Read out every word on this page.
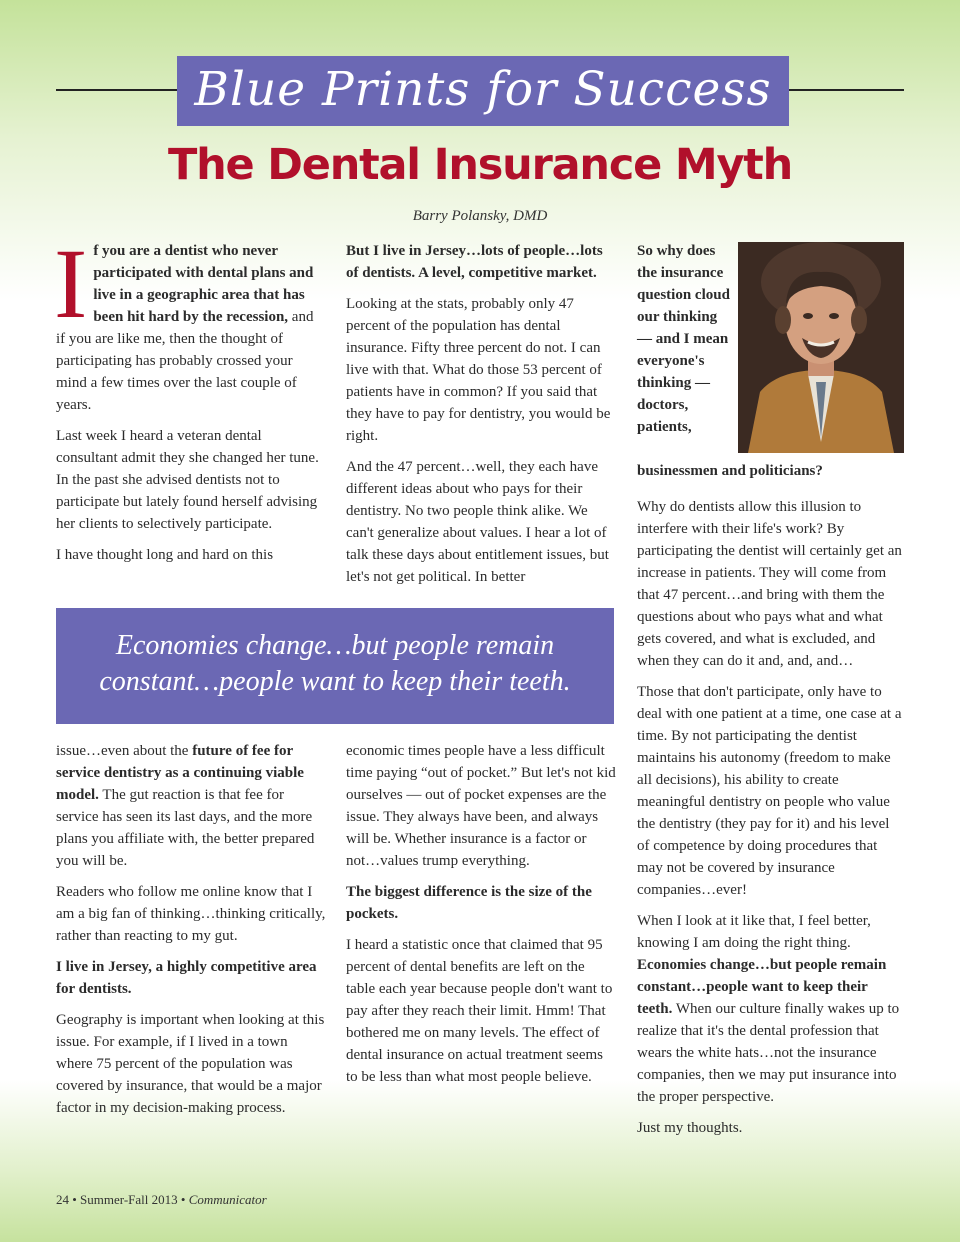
Blue Prints for Success
The Dental Insurance Myth
Barry Polansky, DMD

If you are a dentist who never participated with dental plans and live in a geographic area that has been hit hard by the recession, and if you are like me, then the thought of participating has probably crossed your mind a few times over the last couple of years.

Last week I heard a veteran dental consultant admit they she changed her tune. In the past she advised dentists not to participate but lately found herself advising her clients to selectively participate.

I have thought long and hard on this

But I live in Jersey…lots of people…lots of dentists. A level, competitive market.

Looking at the stats, probably only 47 percent of the population has dental insurance. Fifty three percent do not. I can live with that. What do those 53 percent of patients have in common? If you said that they have to pay for dentistry, you would be right.

And the 47 percent…well, they each have different ideas about who pays for their dentistry. No two people think alike. We can't generalize about values. I hear a lot of talk these days about entitlement issues, but let's not get political. In better

Economies change…but people remain constant…people want to keep their teeth.

issue…even about the future of fee for service dentistry as a continuing viable model. The gut reaction is that fee for service has seen its last days, and the more plans you affiliate with, the better prepared you will be.

Readers who follow me online know that I am a big fan of thinking…thinking critically, rather than reacting to my gut.

I live in Jersey, a highly competitive area for dentists.

Geography is important when looking at this issue. For example, if I lived in a town where 75 percent of the population was covered by insurance, that would be a major factor in my decision-making process.

economic times people have a less difficult time paying “out of pocket.” But let's not kid ourselves — out of pocket expenses are the issue. They always have been, and always will be. Whether insurance is a factor or not…values trump everything.

The biggest difference is the size of the pockets.

I heard a statistic once that claimed that 95 percent of dental benefits are left on the table each year because people don't want to pay after they reach their limit. Hmm! That bothered me on many levels. The effect of dental insurance on actual treatment seems to be less than what most people believe.

So why does the insurance question cloud our thinking — and I mean everyone's thinking — doctors, patients,

businessmen and politicians?

Why do dentists allow this illusion to interfere with their life's work? By participating the dentist will certainly get an increase in patients. They will come from that 47 percent…and bring with them the questions about who pays what and what gets covered, and what is excluded, and when they can do it and, and, and…

Those that don't participate, only have to deal with one patient at a time, one case at a time. By not participating the dentist maintains his autonomy (freedom to make all decisions), his ability to create meaningful dentistry on people who value the dentistry (they pay for it) and his level of competence by doing procedures that may not be covered by insurance companies…ever!

When I look at it like that, I feel better, knowing I am doing the right thing. Economies change…but people remain constant…people want to keep their teeth. When our culture finally wakes up to realize that it's the dental profession that wears the white hats…not the insurance companies, then we may put insurance into the proper perspective.

Just my thoughts.

24 • Summer-Fall 2013 • Communicator
